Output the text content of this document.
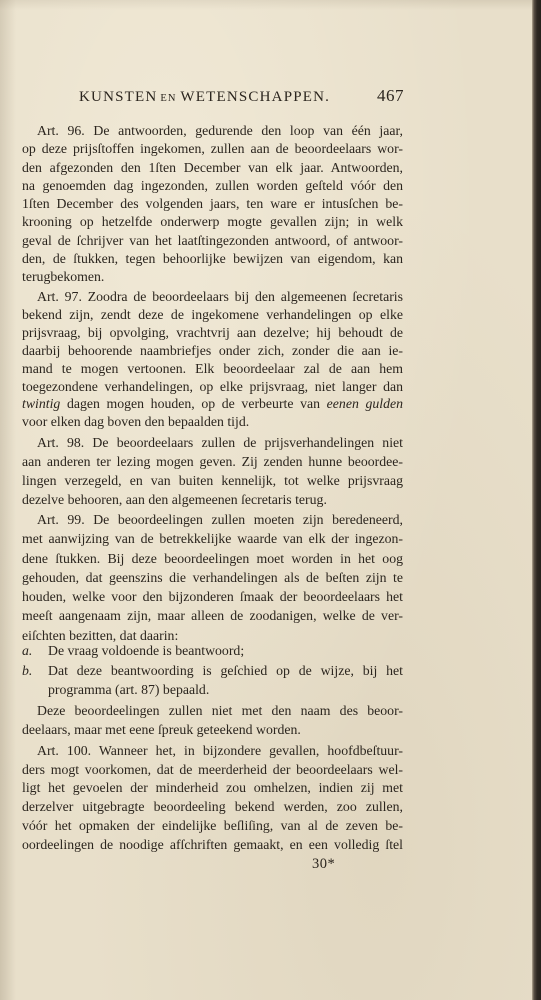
KUNSTEN EN WETENSCHAPPEN.	467
Art. 96. De antwoorden, gedurende den loop van één jaar,
op deze prijsſtoffen ingekomen, zullen aan de beoordeelaars wor-
den afgezonden den 1ſten December van elk jaar. Antwoorden,
na genoemden dag ingezonden, zullen worden geſteld vóór den
1ſten December des volgenden jaars, ten ware er intusſchen be-
krooning op hetzelfde onderwerp mogte gevallen zijn; in welk
geval de ſchrijver van het laatſtingezonden antwoord, of antwoor-
den, de ſtukken, tegen behoorlijke bewijzen van eigendom, kan
terugbekomen.
Art. 97. Zoodra de beoordeelaars bij den algemeenen ſecretaris
bekend zijn, zendt deze de ingekomene verhandelingen op elke
prijsvraag, bij opvolging, vrachtvrij aan dezelve; hij behoudt de
daarbij behoorende naambriefjes onder zich, zonder die aan ie-
mand te mogen vertoonen. Elk beoordeelaar zal de aan hem
toegezondene verhandelingen, op elke prijsvraag, niet langer dan
twintig dagen mogen houden, op de verbeurte van eenen gulden
voor elken dag boven den bepaalden tijd.
Art. 98. De beoordeelaars zullen de prijsverhandelingen niet
aan anderen ter lezing mogen geven. Zij zenden hunne beoordee-
lingen verzegeld, en van buiten kennelijk, tot welke prijsvraag
dezelve behooren, aan den algemeenen ſecretaris terug.
Art. 99. De beoordeelingen zullen moeten zijn beredeneerd,
met aanwijzing van de betrekkelijke waarde van elk der ingezon-
dene ſtukken. Bij deze beoordeelingen moet worden in het oog
gehouden, dat geenszins die verhandelingen als de beſten zijn te
houden, welke voor den bijzonderen ſmaak der beoordeelaars het
meeſt aangenaam zijn, maar alleen de zoodanigen, welke de ver-
eiſchten bezitten, dat daarin:
a.	De vraag voldoende is beantwoord;
b.	Dat deze beantwoording is geſchied op de wijze, bij het
programma (art. 87) bepaald.
Deze beoordeelingen zullen niet met den naam des beoor-
deelaars, maar met eene ſpreuk geteekend worden.
Art. 100. Wanneer het, in bijzondere gevallen, hoofdbeſtuur-
ders mogt voorkomen, dat de meerderheid der beoordeelaars wel-
ligt het gevoelen der minderheid zou omhelzen, indien zij met
derzelver uitgebragte beoordeeling bekend werden, zoo zullen,
vóór het opmaken der eindelijke beſliſing, van al de zeven be-
oordeelingen de noodige afſchriften gemaakt, en een volledig ſtel
30*
